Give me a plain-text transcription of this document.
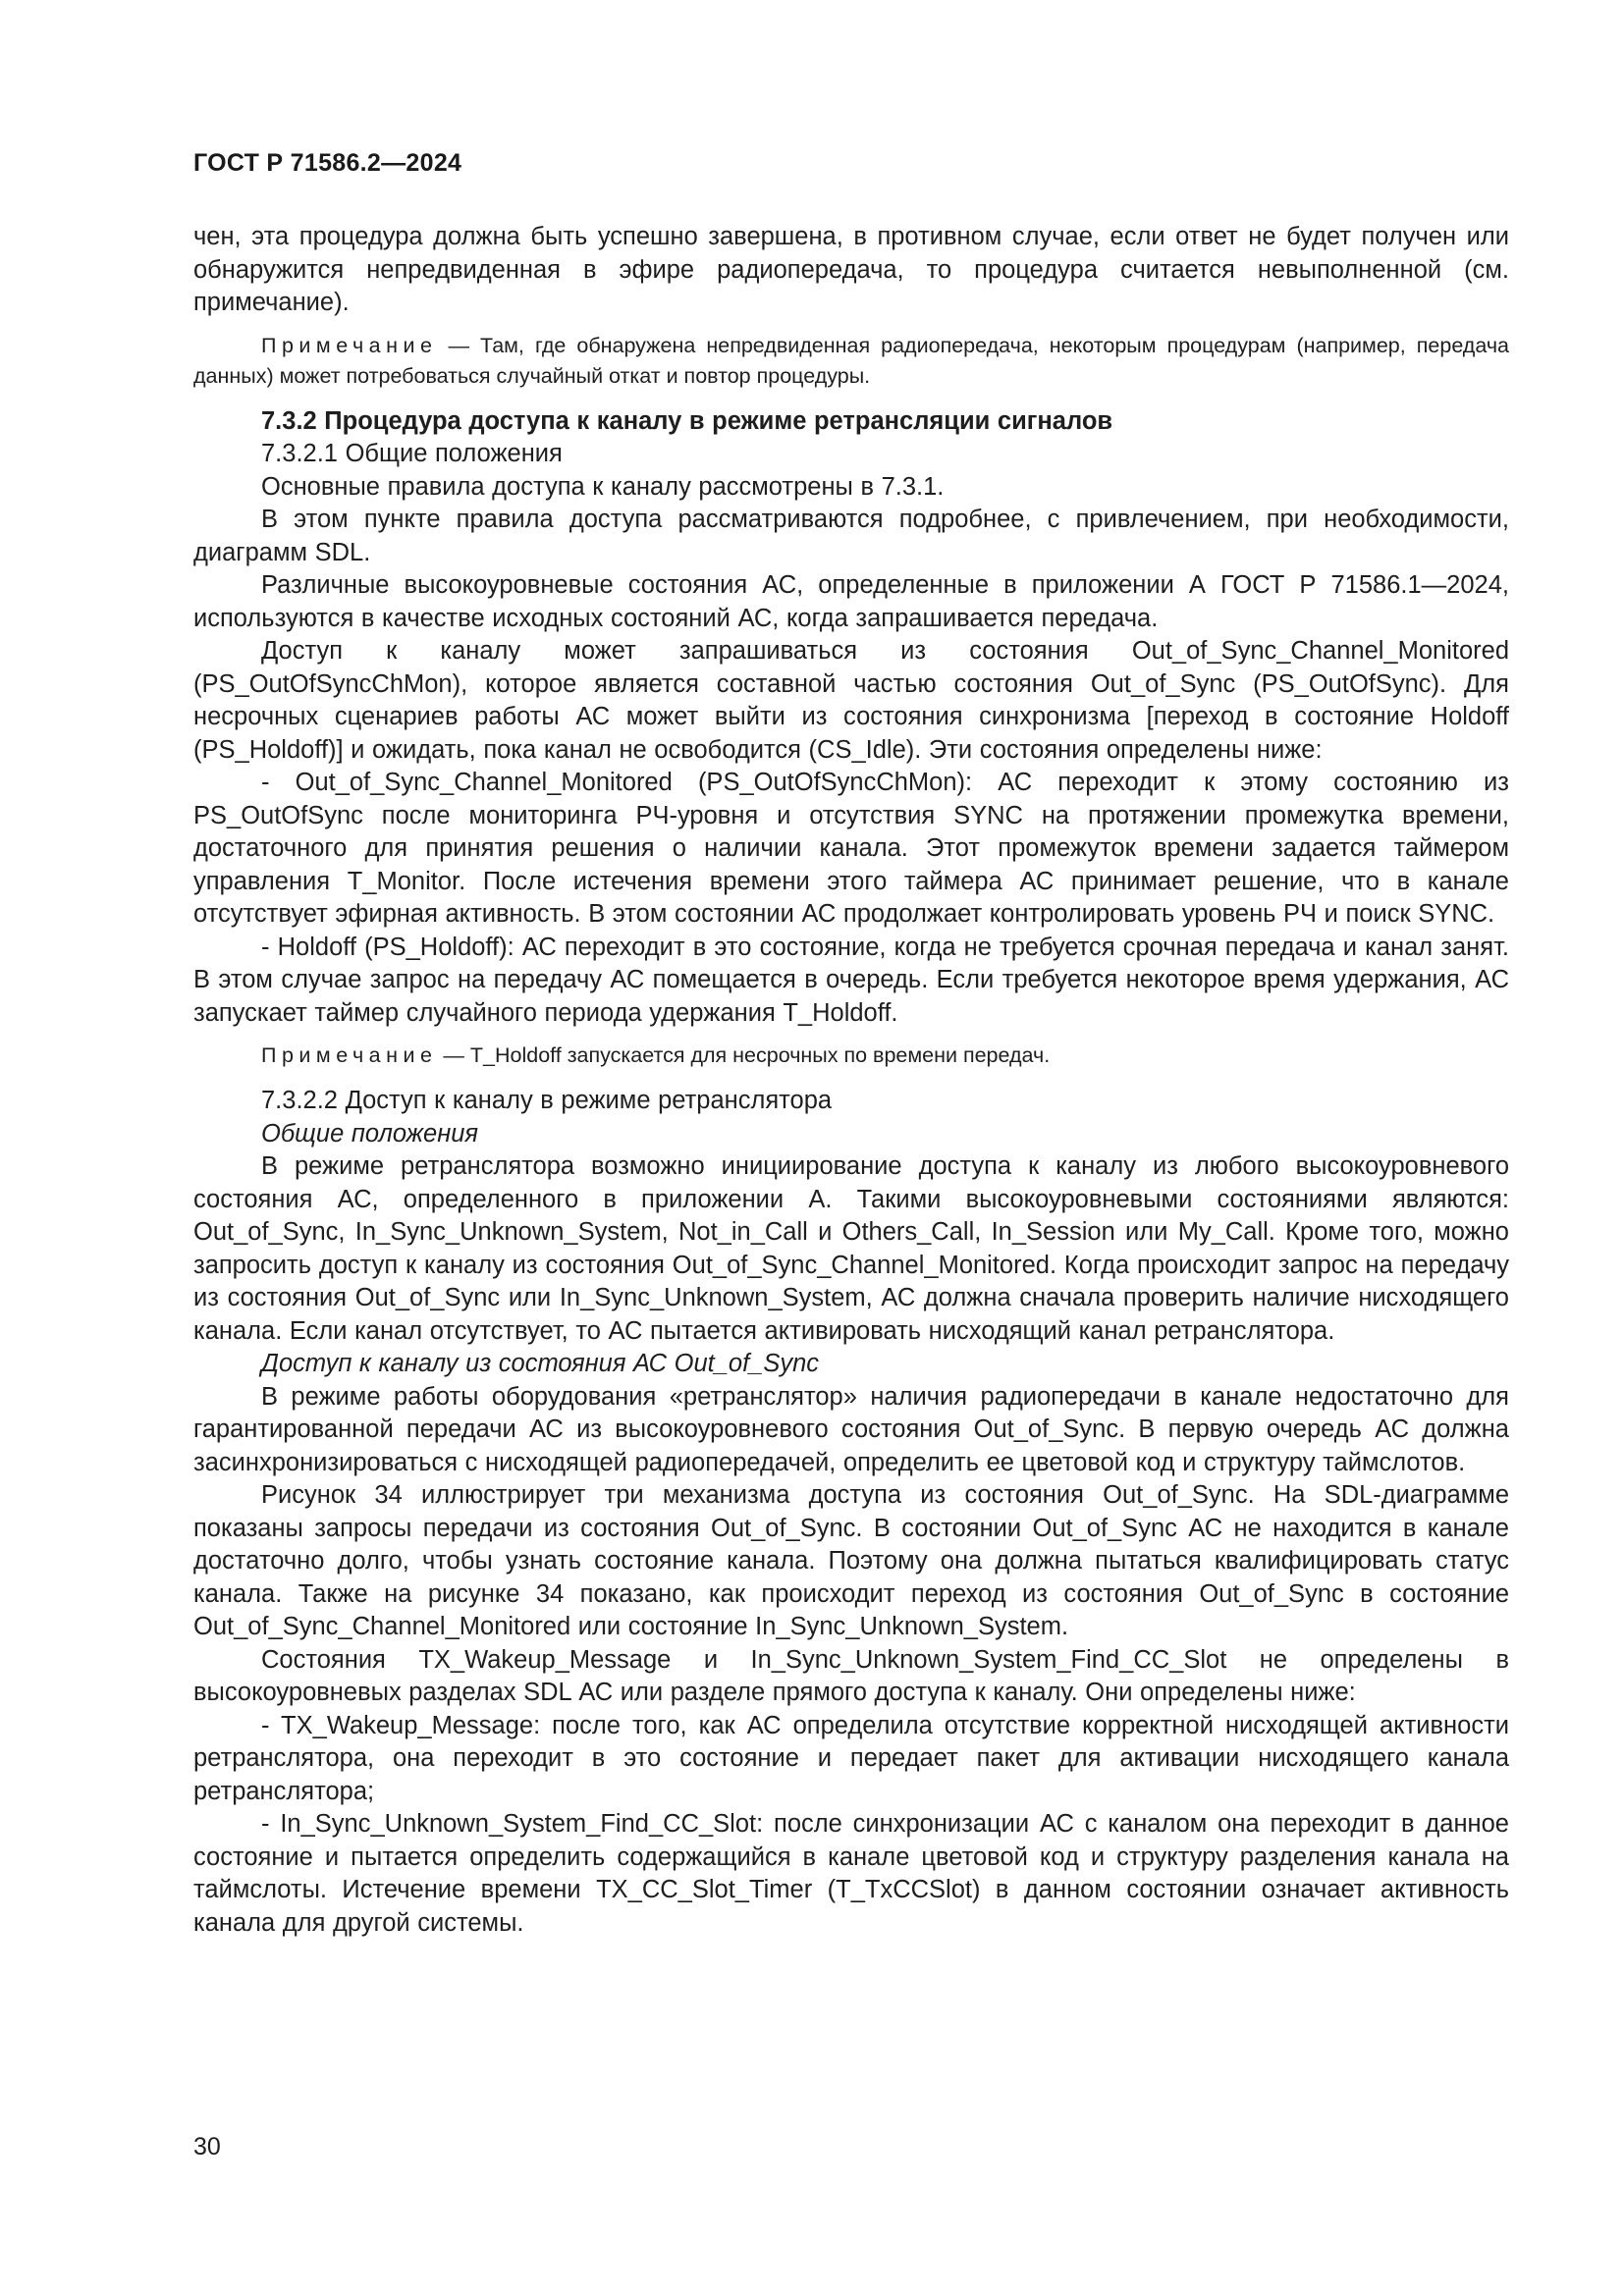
ГОСТ Р 71586.2—2024

чен, эта процедура должна быть успешно завершена, в противном случае, если ответ не будет получен или обнаружится непредвиденная в эфире радиопередача, то процедура считается невыполненной (см. примечание).

Примечание — Там, где обнаружена непредвиденная радиопередача, некоторым процедурам (например, передача данных) может потребоваться случайный откат и повтор процедуры.

7.3.2 Процедура доступа к каналу в режиме ретрансляции сигналов

7.3.2.1 Общие положения

Основные правила доступа к каналу рассмотрены в 7.3.1.

В этом пункте правила доступа рассматриваются подробнее, с привлечением, при необходимости, диаграмм SDL.

Различные высокоуровневые состояния АС, определенные в приложении А ГОСТ Р 71586.1—2024, используются в качестве исходных состояний АС, когда запрашивается передача.

Доступ к каналу может запрашиваться из состояния Out_of_Sync_Channel_Monitored (PS_OutOfSyncChMon), которое является составной частью состояния Out_of_Sync (PS_OutOfSync). Для несрочных сценариев работы АС может выйти из состояния синхронизма [переход в состояние Holdoff (PS_Holdoff)] и ожидать, пока канал не освободится (CS_Idle). Эти состояния определены ниже:

- Out_of_Sync_Channel_Monitored (PS_OutOfSyncChMon): АС переходит к этому состоянию из PS_OutOfSync после мониторинга РЧ-уровня и отсутствия SYNC на протяжении промежутка времени, достаточного для принятия решения о наличии канала. Этот промежуток времени задается таймером управления T_Monitor. После истечения времени этого таймера АС принимает решение, что в канале отсутствует эфирная активность. В этом состоянии АС продолжает контролировать уровень РЧ и поиск SYNC.

- Holdoff (PS_Holdoff): АС переходит в это состояние, когда не требуется срочная передача и канал занят. В этом случае запрос на передачу АС помещается в очередь. Если требуется некоторое время удержания, АС запускает таймер случайного периода удержания T_Holdoff.

Примечание — T_Holdoff запускается для несрочных по времени передач.

7.3.2.2 Доступ к каналу в режиме ретранслятора

Общие положения

В режиме ретранслятора возможно инициирование доступа к каналу из любого высокоуровневого состояния АС, определенного в приложении А. Такими высокоуровневыми состояниями являются: Out_of_Sync, In_Sync_Unknown_System, Not_in_Call и Others_Call, In_Session или My_Call. Кроме того, можно запросить доступ к каналу из состояния Out_of_Sync_Channel_Monitored. Когда происходит запрос на передачу из состояния Out_of_Sync или In_Sync_Unknown_System, АС должна сначала проверить наличие нисходящего канала. Если канал отсутствует, то АС пытается активировать нисходящий канал ретранслятора.

Доступ к каналу из состояния АС Out_of_Sync

В режиме работы оборудования «ретранслятор» наличия радиопередачи в канале недостаточно для гарантированной передачи АС из высокоуровневого состояния Out_of_Sync. В первую очередь АС должна засинхронизироваться с нисходящей радиопередачей, определить ее цветовой код и структуру таймслотов.

Рисунок 34 иллюстрирует три механизма доступа из состояния Out_of_Sync. На SDL-диаграмме показаны запросы передачи из состояния Out_of_Sync. В состоянии Out_of_Sync АС не находится в канале достаточно долго, чтобы узнать состояние канала. Поэтому она должна пытаться квалифицировать статус канала. Также на рисунке 34 показано, как происходит переход из состояния Out_of_Sync в состояние Out_of_Sync_Channel_Monitored или состояние In_Sync_Unknown_System.

Состояния TX_Wakeup_Message и In_Sync_Unknown_System_Find_CC_Slot не определены в высокоуровневых разделах SDL АС или разделе прямого доступа к каналу. Они определены ниже:

- TX_Wakeup_Message: после того, как АС определила отсутствие корректной нисходящей активности ретранслятора, она переходит в это состояние и передает пакет для активации нисходящего канала ретранслятора;

- In_Sync_Unknown_System_Find_CC_Slot: после синхронизации АС с каналом она переходит в данное состояние и пытается определить содержащийся в канале цветовой код и структуру разделения канала на таймслоты. Истечение времени TX_CC_Slot_Timer (T_TxCCSlot) в данном состоянии означает активность канала для другой системы.

30
